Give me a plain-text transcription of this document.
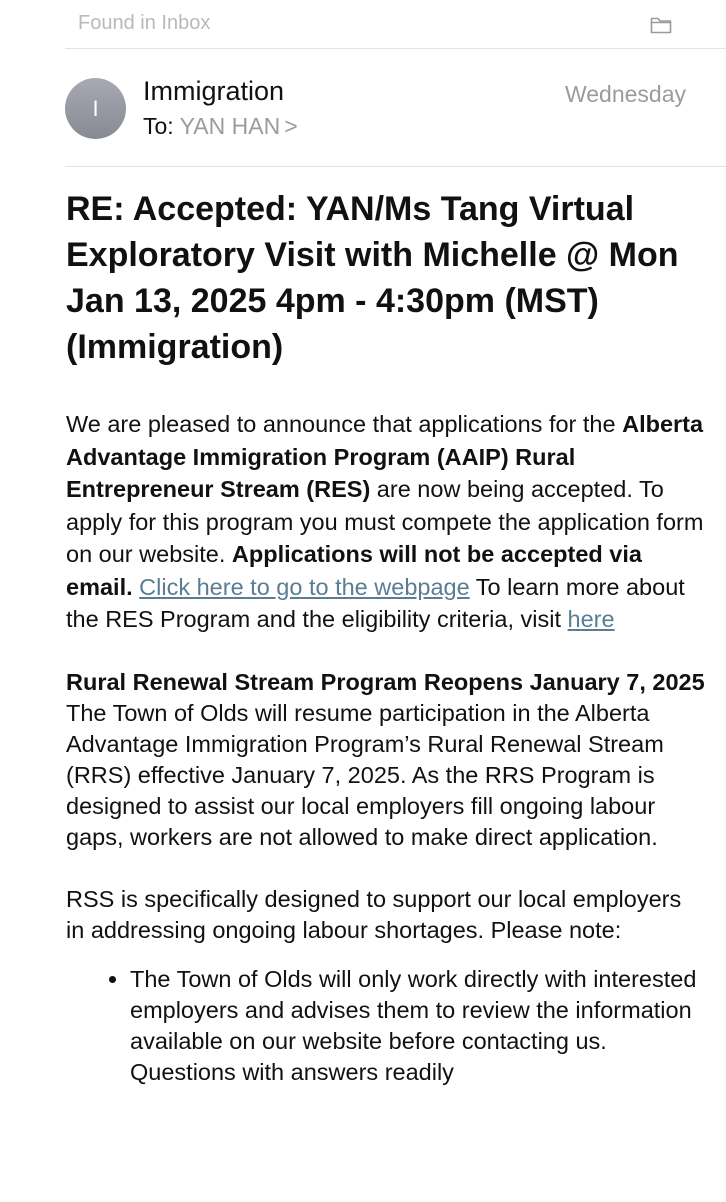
Found in Inbox
I
Immigration
To: YAN HAN >
Wednesday
RE: Accepted: YAN/Ms Tang Virtual Exploratory Visit with Michelle @ Mon Jan 13, 2025 4pm - 4:30pm (MST) (Immigration)

We are pleased to announce that applications for the Alberta Advantage Immigration Program (AAIP) Rural Entrepreneur Stream (RES) are now being accepted. To apply for this program you must compete the application form on our website. Applications will not be accepted via email. Click here to go to the webpage To learn more about the RES Program and the eligibility criteria, visit here

Rural Renewal Stream Program Reopens January 7, 2025

The Town of Olds will resume participation in the Alberta Advantage Immigration Program’s Rural Renewal Stream (RRS) effective January 7, 2025. As the RRS Program is designed to assist our local employers fill ongoing labour gaps, workers are not allowed to make direct application.

RSS is specifically designed to support our local employers in addressing ongoing labour shortages. Please note:

• The Town of Olds will only work directly with interested employers and advises them to review the information available on our website before contacting us. Questions with answers readily
